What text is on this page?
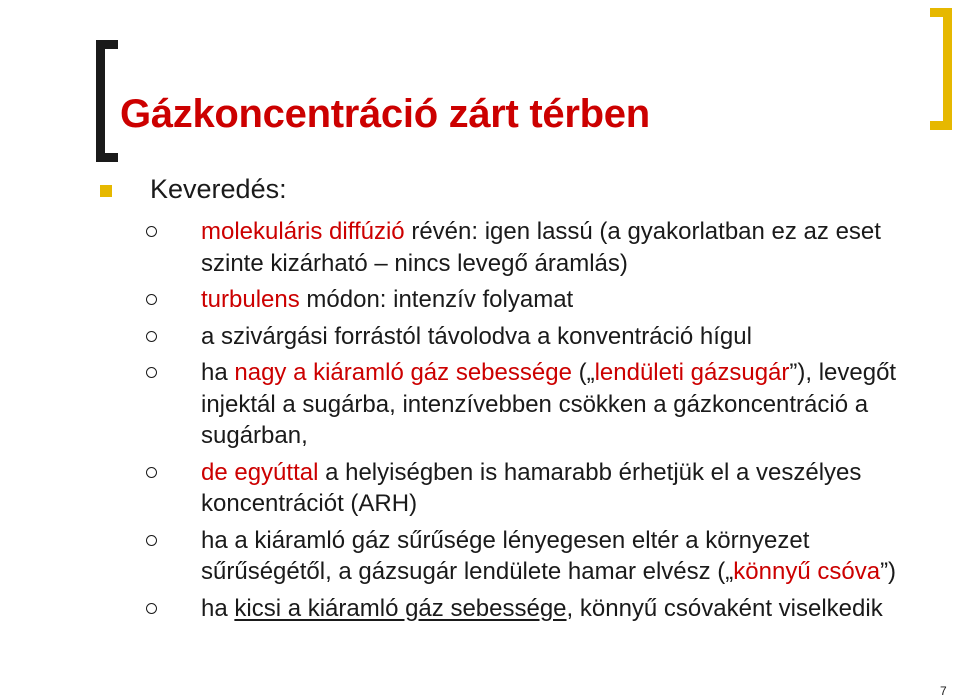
Gázkoncentráció zárt térben
Keveredés:
molekuláris diffúzió révén: igen lassú (a gyakorlatban ez az eset szinte kizárható – nincs levegő áramlás)
turbulens módon: intenzív folyamat
a szivárgási forrástól távolodva a konventráció hígul
ha nagy a kiáramló gáz sebessége („lendületi gázsugár”), levegőt injektál a sugárba, intenzívebben csökken a gázkoncentráció a sugárban,
de egyúttal a helyiségben is hamarabb érhetjük el a veszélyes koncentrációt (ARH)
ha a kiáramló gáz sűrűsége lényegesen eltér a környezet sűrűségétől, a gázsugár lendülete hamar elvész („könnyű csóva”)
ha kicsi a kiáramló gáz sebessége, könnyű csóvaként viselkedik
7
